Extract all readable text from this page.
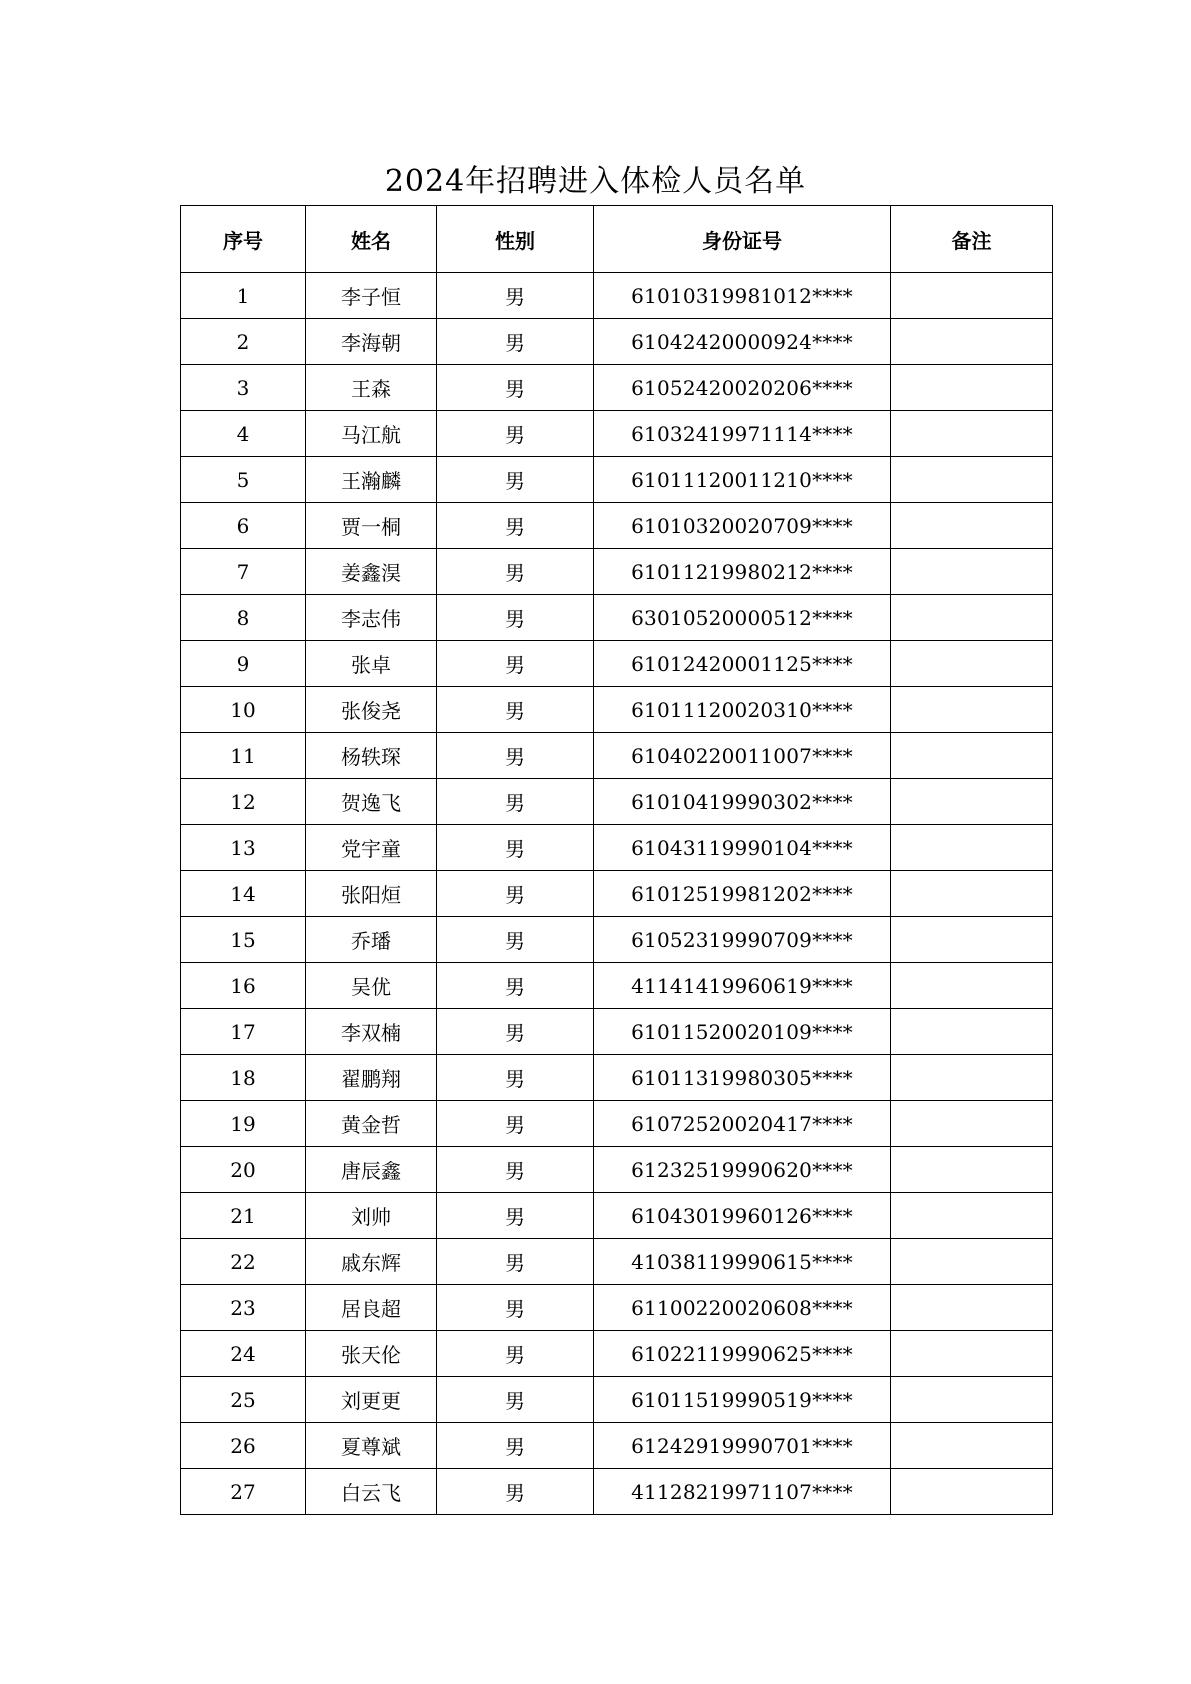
2024年招聘进入体检人员名单
序号	姓名	性别	身份证号	备注
1	李子恒	男	61010319981012****	
2	李海朝	男	61042420000924****	
3	王森	男	61052420020206****	
4	马江航	男	61032419971114****	
5	王瀚麟	男	61011120011210****	
6	贾一桐	男	61010320020709****	
7	姜鑫淏	男	61011219980212****	
8	李志伟	男	63010520000512****	
9	张卓	男	61012420001125****	
10	张俊尧	男	61011120020310****	
11	杨轶琛	男	61040220011007****	
12	贺逸飞	男	61010419990302****	
13	党宇童	男	61043119990104****	
14	张阳烜	男	61012519981202****	
15	乔璠	男	61052319990709****	
16	吴优	男	41141419960619****	
17	李双楠	男	61011520020109****	
18	翟鹏翔	男	61011319980305****	
19	黄金哲	男	61072520020417****	
20	唐辰鑫	男	61232519990620****	
21	刘帅	男	61043019960126****	
22	戚东辉	男	41038119990615****	
23	居良超	男	61100220020608****	
24	张天伦	男	61022119990625****	
25	刘更更	男	61011519990519****	
26	夏尊斌	男	61242919990701****	
27	白云飞	男	41128219971107****	
